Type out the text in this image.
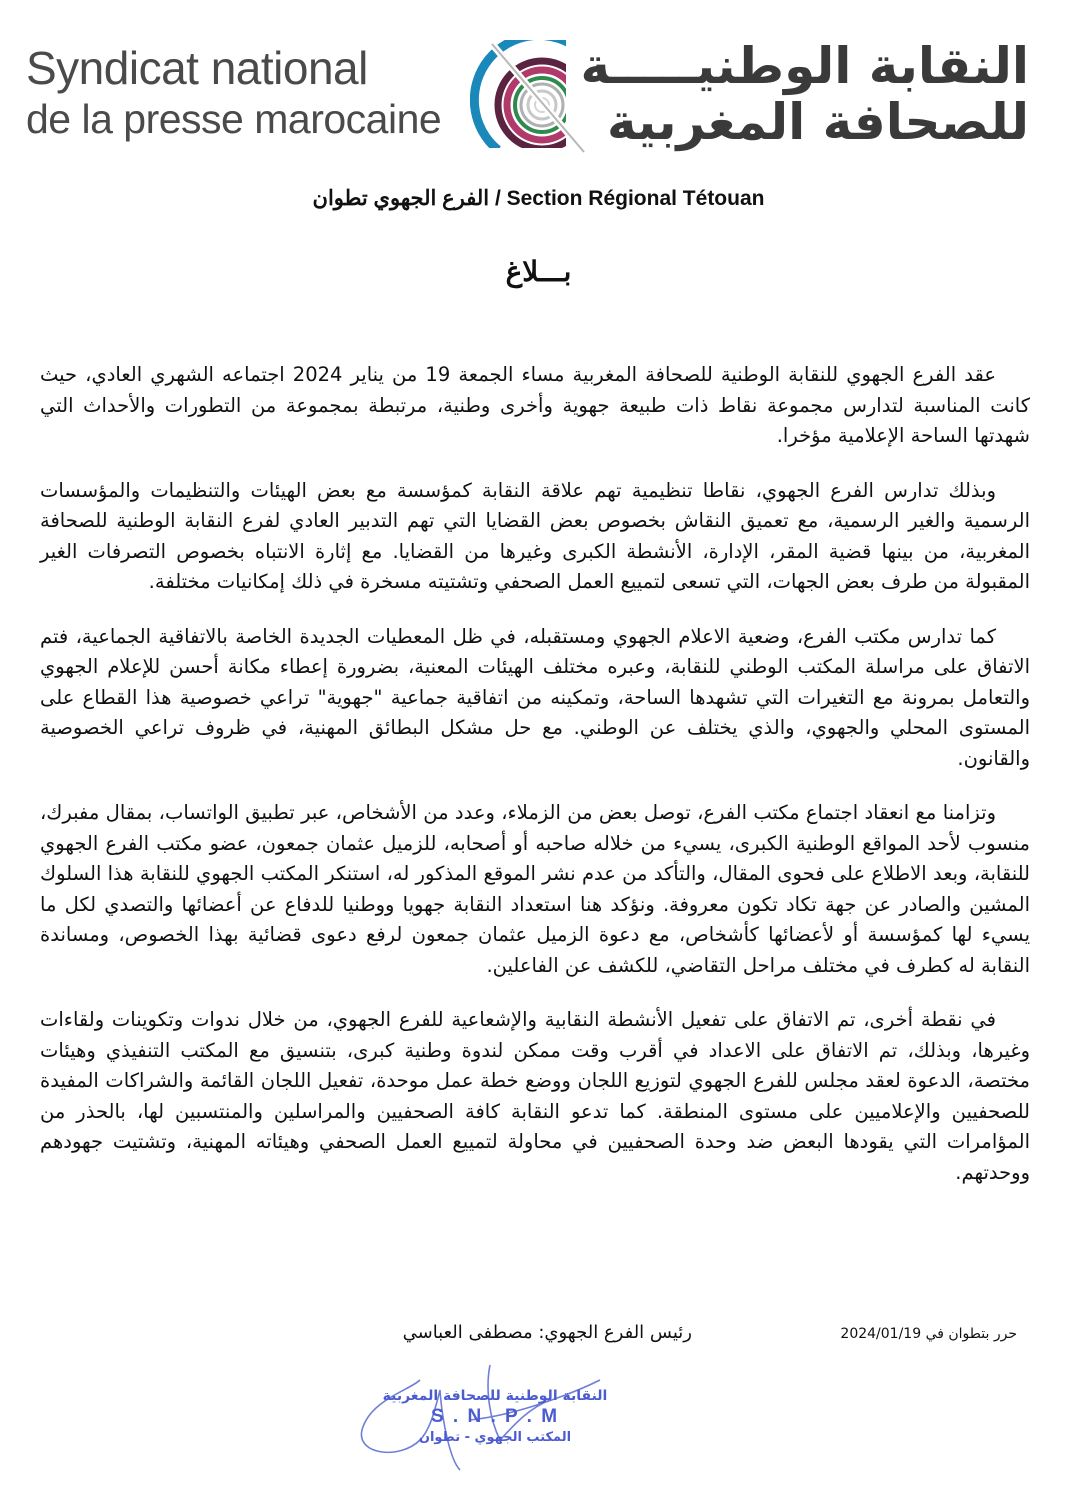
Syndicat national
de la presse marocaine
النقابة الوطنيـــــة
للصحافة المغربية
الفرع الجهوي تطوان / Section Régional Tétouan
بـــلاغ

عقد الفرع الجهوي للنقابة الوطنية للصحافة المغربية مساء الجمعة 19 من يناير 2024 اجتماعه الشهري العادي، حيث كانت المناسبة لتدارس مجموعة نقاط ذات طبيعة جهوية وأخرى وطنية، مرتبطة بمجموعة من التطورات والأحداث التي شهدتها الساحة الإعلامية مؤخرا.

وبذلك تدارس الفرع الجهوي، نقاطا تنظيمية تهم علاقة النقابة كمؤسسة مع بعض الهيئات والتنظيمات والمؤسسات الرسمية والغير الرسمية، مع تعميق النقاش بخصوص بعض القضايا التي تهم التدبير العادي لفرع النقابة الوطنية للصحافة المغربية، من بينها قضية المقر، الإدارة، الأنشطة الكبرى وغيرها من القضايا. مع إثارة الانتباه بخصوص التصرفات الغير المقبولة من طرف بعض الجهات، التي تسعى لتمييع العمل الصحفي وتشتيته مسخرة في ذلك إمكانيات مختلفة.

كما تدارس مكتب الفرع، وضعية الاعلام الجهوي ومستقبله، في ظل المعطيات الجديدة الخاصة بالاتفاقية الجماعية، فتم الاتفاق على مراسلة المكتب الوطني للنقابة، وعبره مختلف الهيئات المعنية، بضرورة إعطاء مكانة أحسن للإعلام الجهوي والتعامل بمرونة مع التغيرات التي تشهدها الساحة، وتمكينه من اتفاقية جماعية "جهوية" تراعي خصوصية هذا القطاع على المستوى المحلي والجهوي، والذي يختلف عن الوطني. مع حل مشكل البطائق المهنية، في ظروف تراعي الخصوصية والقانون.

وتزامنا مع انعقاد اجتماع مكتب الفرع، توصل بعض من الزملاء، وعدد من الأشخاص، عبر تطبيق الواتساب، بمقال مفبرك، منسوب لأحد المواقع الوطنية الكبرى، يسيء من خلاله صاحبه أو أصحابه، للزميل عثمان جمعون، عضو مكتب الفرع الجهوي للنقابة، وبعد الاطلاع على فحوى المقال، والتأكد من عدم نشر الموقع المذكور له، استنكر المكتب الجهوي للنقابة هذا السلوك المشين والصادر عن جهة تكاد تكون معروفة. ونؤكد هنا استعداد النقابة جهويا ووطنيا للدفاع عن أعضائها والتصدي لكل ما يسيء لها كمؤسسة أو لأعضائها كأشخاص، مع دعوة الزميل عثمان جمعون لرفع دعوى قضائية بهذا الخصوص، ومساندة النقابة له كطرف في مختلف مراحل التقاضي، للكشف عن الفاعلين.

في نقطة أخرى، تم الاتفاق على تفعيل الأنشطة النقابية والإشعاعية للفرع الجهوي، من خلال ندوات وتكوينات ولقاءات وغيرها، وبذلك، تم الاتفاق على الاعداد في أقرب وقت ممكن لندوة وطنية كبرى، بتنسيق مع المكتب التنفيذي وهيئات مختصة، الدعوة لعقد مجلس للفرع الجهوي لتوزيع اللجان ووضع خطة عمل موحدة، تفعيل اللجان القائمة والشراكات المفيدة للصحفيين والإعلاميين على مستوى المنطقة. كما تدعو النقابة كافة الصحفيين والمراسلين والمنتسبين لها، بالحذر من المؤامرات التي يقودها البعض ضد وحدة الصحفيين في محاولة لتمييع العمل الصحفي وهيئاته المهنية، وتشتيت جهودهم ووحدتهم.

رئيس الفرع الجهوي: مصطفى العباسي	حرر بتطوان في 2024/01/19
النقابة الوطنية للصحافة المغربية
S . N . P . M
المكتب الجهوي - تطوان
